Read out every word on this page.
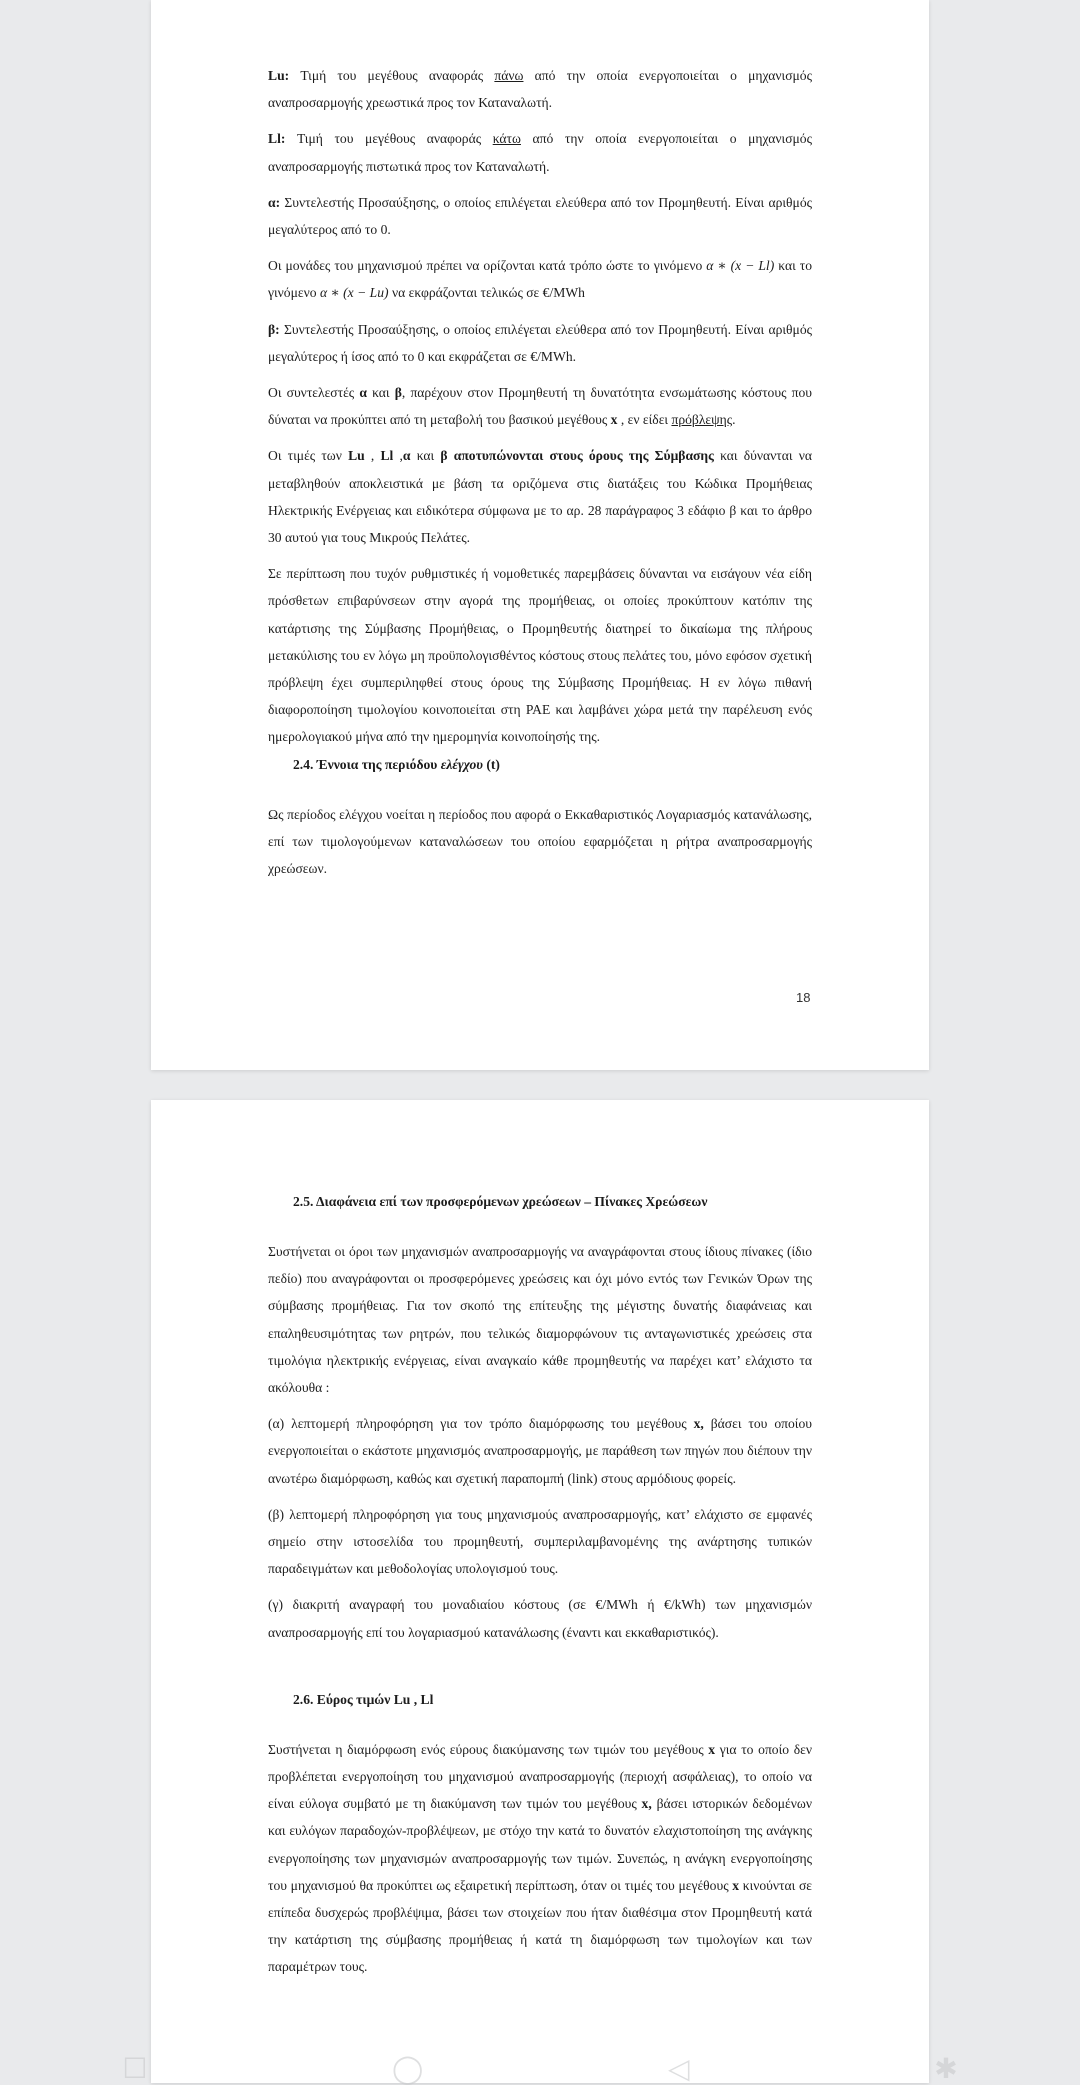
Lu: Τιμή του μεγέθους αναφοράς πάνω από την οποία ενεργοποιείται ο μηχανισμός αναπροσαρμογής χρεωστικά προς τον Καταναλωτή.

Ll: Τιμή του μεγέθους αναφοράς κάτω από την οποία ενεργοποιείται ο μηχανισμός αναπροσαρμογής πιστωτικά προς τον Καταναλωτή.

α: Συντελεστής Προσαύξησης, ο οποίος επιλέγεται ελεύθερα από τον Προμηθευτή. Είναι αριθμός μεγαλύτερος από το 0.

Οι μονάδες του μηχανισμού πρέπει να ορίζονται κατά τρόπο ώστε το γινόμενο α ∗ (x − Ll) και το γινόμενο α ∗ (x − Lu) να εκφράζονται τελικώς σε €/MWh

β: Συντελεστής Προσαύξησης, ο οποίος επιλέγεται ελεύθερα από τον Προμηθευτή. Είναι αριθμός μεγαλύτερος ή ίσος από το 0 και εκφράζεται σε €/MWh.

Οι συντελεστές α και β, παρέχουν στον Προμηθευτή τη δυνατότητα ενσωμάτωσης κόστους που δύναται να προκύπτει από τη μεταβολή του βασικού μεγέθους x , εν είδει πρόβλεψης.

Οι τιμές των Lu , Ll ,α και β αποτυπώνονται στους όρους της Σύμβασης και δύνανται να μεταβληθούν αποκλειστικά με βάση τα οριζόμενα στις διατάξεις του Κώδικα Προμήθειας Ηλεκτρικής Ενέργειας και ειδικότερα σύμφωνα με το αρ. 28 παράγραφος 3 εδάφιο β και το άρθρο 30 αυτού για τους Μικρούς Πελάτες.

Σε περίπτωση που τυχόν ρυθμιστικές ή νομοθετικές παρεμβάσεις δύνανται να εισάγουν νέα είδη πρόσθετων επιβαρύνσεων στην αγορά της προμήθειας, οι οποίες προκύπτουν κατόπιν της κατάρτισης της Σύμβασης Προμήθειας, ο Προμηθευτής διατηρεί το δικαίωμα της πλήρους μετακύλισης του εν λόγω μη προϋπολογισθέντος κόστους στους πελάτες του, μόνο εφόσον σχετική πρόβλεψη έχει συμπεριληφθεί στους όρους της Σύμβασης Προμήθειας. Η εν λόγω πιθανή διαφοροποίηση τιμολογίου κοινοποιείται στη ΡΑΕ και λαμβάνει χώρα μετά την παρέλευση ενός ημερολογιακού μήνα από την ημερομηνία κοινοποίησής της.

2.4. Έννοια της περιόδου ελέγχου (t)

Ως περίοδος ελέγχου νοείται η περίοδος που αφορά ο Εκκαθαριστικός Λογαριασμός κατανάλωσης, επί των τιμολογούμενων καταναλώσεων του οποίου εφαρμόζεται η ρήτρα αναπροσαρμογής χρεώσεων.

18
2.5. Διαφάνεια επί των προσφερόμενων χρεώσεων – Πίνακες Χρεώσεων

Συστήνεται οι όροι των μηχανισμών αναπροσαρμογής να αναγράφονται στους ίδιους πίνακες (ίδιο πεδίο) που αναγράφονται οι προσφερόμενες χρεώσεις και όχι μόνο εντός των Γενικών Όρων της σύμβασης προμήθειας. Για τον σκοπό της επίτευξης της μέγιστης δυνατής διαφάνειας και επαληθευσιμότητας των ρητρών, που τελικώς διαμορφώνουν τις ανταγωνιστικές χρεώσεις στα τιμολόγια ηλεκτρικής ενέργειας, είναι αναγκαίο κάθε προμηθευτής να παρέχει κατ’ ελάχιστο τα ακόλουθα :

(α) λεπτομερή πληροφόρηση για τον τρόπο διαμόρφωσης του μεγέθους x, βάσει του οποίου ενεργοποιείται ο εκάστοτε μηχανισμός αναπροσαρμογής, με παράθεση των πηγών που διέπουν την ανωτέρω διαμόρφωση, καθώς και σχετική παραπομπή (link) στους αρμόδιους φορείς.

(β) λεπτομερή πληροφόρηση για τους μηχανισμούς αναπροσαρμογής, κατ’ ελάχιστο σε εμφανές σημείο στην ιστοσελίδα του προμηθευτή, συμπεριλαμβανομένης της ανάρτησης τυπικών παραδειγμάτων και μεθοδολογίας υπολογισμού τους.

(γ) διακριτή αναγραφή του μοναδιαίου κόστους (σε €/MWh ή €/kWh) των μηχανισμών αναπροσαρμογής επί του λογαριασμού κατανάλωσης (έναντι και εκκαθαριστικός).

2.6. Εύρος τιμών Lu , Ll

Συστήνεται η διαμόρφωση ενός εύρους διακύμανσης των τιμών του μεγέθους x για το οποίο δεν προβλέπεται ενεργοποίηση του μηχανισμού αναπροσαρμογής (περιοχή ασφάλειας), το οποίο να είναι εύλογα συμβατό με τη διακύμανση των τιμών του μεγέθους x, βάσει ιστορικών δεδομένων και ευλόγων παραδοχών-προβλέψεων, με στόχο την κατά το δυνατόν ελαχιστοποίηση της ανάγκης ενεργοποίησης των μηχανισμών αναπροσαρμογής των τιμών. Συνεπώς, η ανάγκη ενεργοποίησης του μηχανισμού θα προκύπτει ως εξαιρετική περίπτωση, όταν οι τιμές του μεγέθους x κινούνται σε επίπεδα δυσχερώς προβλέψιμα, βάσει των στοιχείων που ήταν διαθέσιμα στον Προμηθευτή κατά την κατάρτιση της σύμβασης προμήθειας ή κατά τη διαμόρφωση των τιμολογίων και των παραμέτρων τους.

☐	◯	◁	✱
